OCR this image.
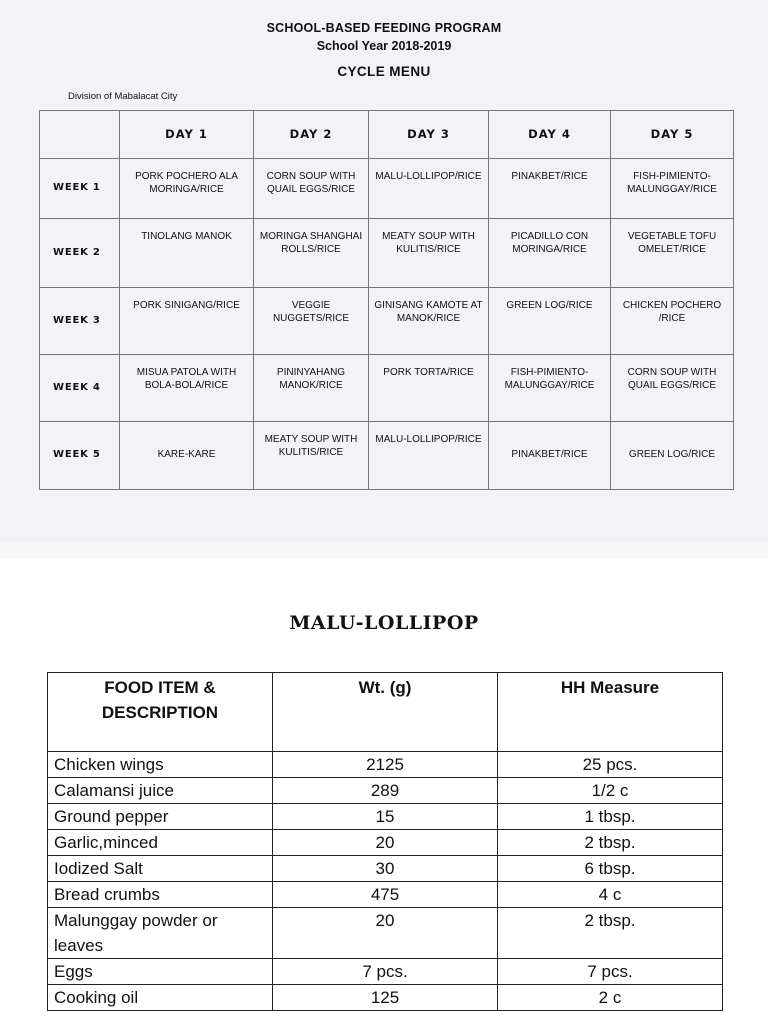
SCHOOL-BASED FEEDING PROGRAM
School Year 2018-2019
CYCLE MENU
Division of Mabalacat City
	DAY 1	DAY 2	DAY 3	DAY 4	DAY 5
WEEK 1	PORK POCHERO ALA MORINGA/RICE	CORN SOUP WITH QUAIL EGGS/RICE	MALU-LOLLIPOP/RICE	PINAKBET/RICE	FISH-PIMIENTO-MALUNGGAY/RICE
WEEK 2	TINOLANG MANOK	MORINGA SHANGHAI ROLLS/RICE	MEATY SOUP WITH KULITIS/RICE	PICADILLO CON MORINGA/RICE	VEGETABLE TOFU OMELET/RICE
WEEK 3	PORK SINIGANG/RICE	VEGGIE NUGGETS/RICE	GINISANG KAMOTE AT MANOK/RICE	GREEN LOG/RICE	CHICKEN POCHERO /RICE
WEEK 4	MISUA PATOLA WITH BOLA-BOLA/RICE	PININYAHANG MANOK/RICE	PORK TORTA/RICE	FISH-PIMIENTO-MALUNGGAY/RICE	CORN SOUP WITH QUAIL EGGS/RICE
WEEK 5	KARE-KARE	MEATY SOUP WITH KULITIS/RICE	MALU-LOLLIPOP/RICE	PINAKBET/RICE	GREEN LOG/RICE
MALU-LOLLIPOP
FOOD ITEM & DESCRIPTION	Wt. (g)	HH Measure
Chicken wings	2125	25 pcs.
Calamansi juice	289	1/2 c
Ground pepper	15	1 tbsp.
Garlic,minced	20	2 tbsp.
Iodized Salt	30	6 tbsp.
Bread crumbs	475	4 c
Malunggay powder or leaves	20	2 tbsp.
Eggs	7 pcs.	7 pcs.
Cooking oil	125	2 c
